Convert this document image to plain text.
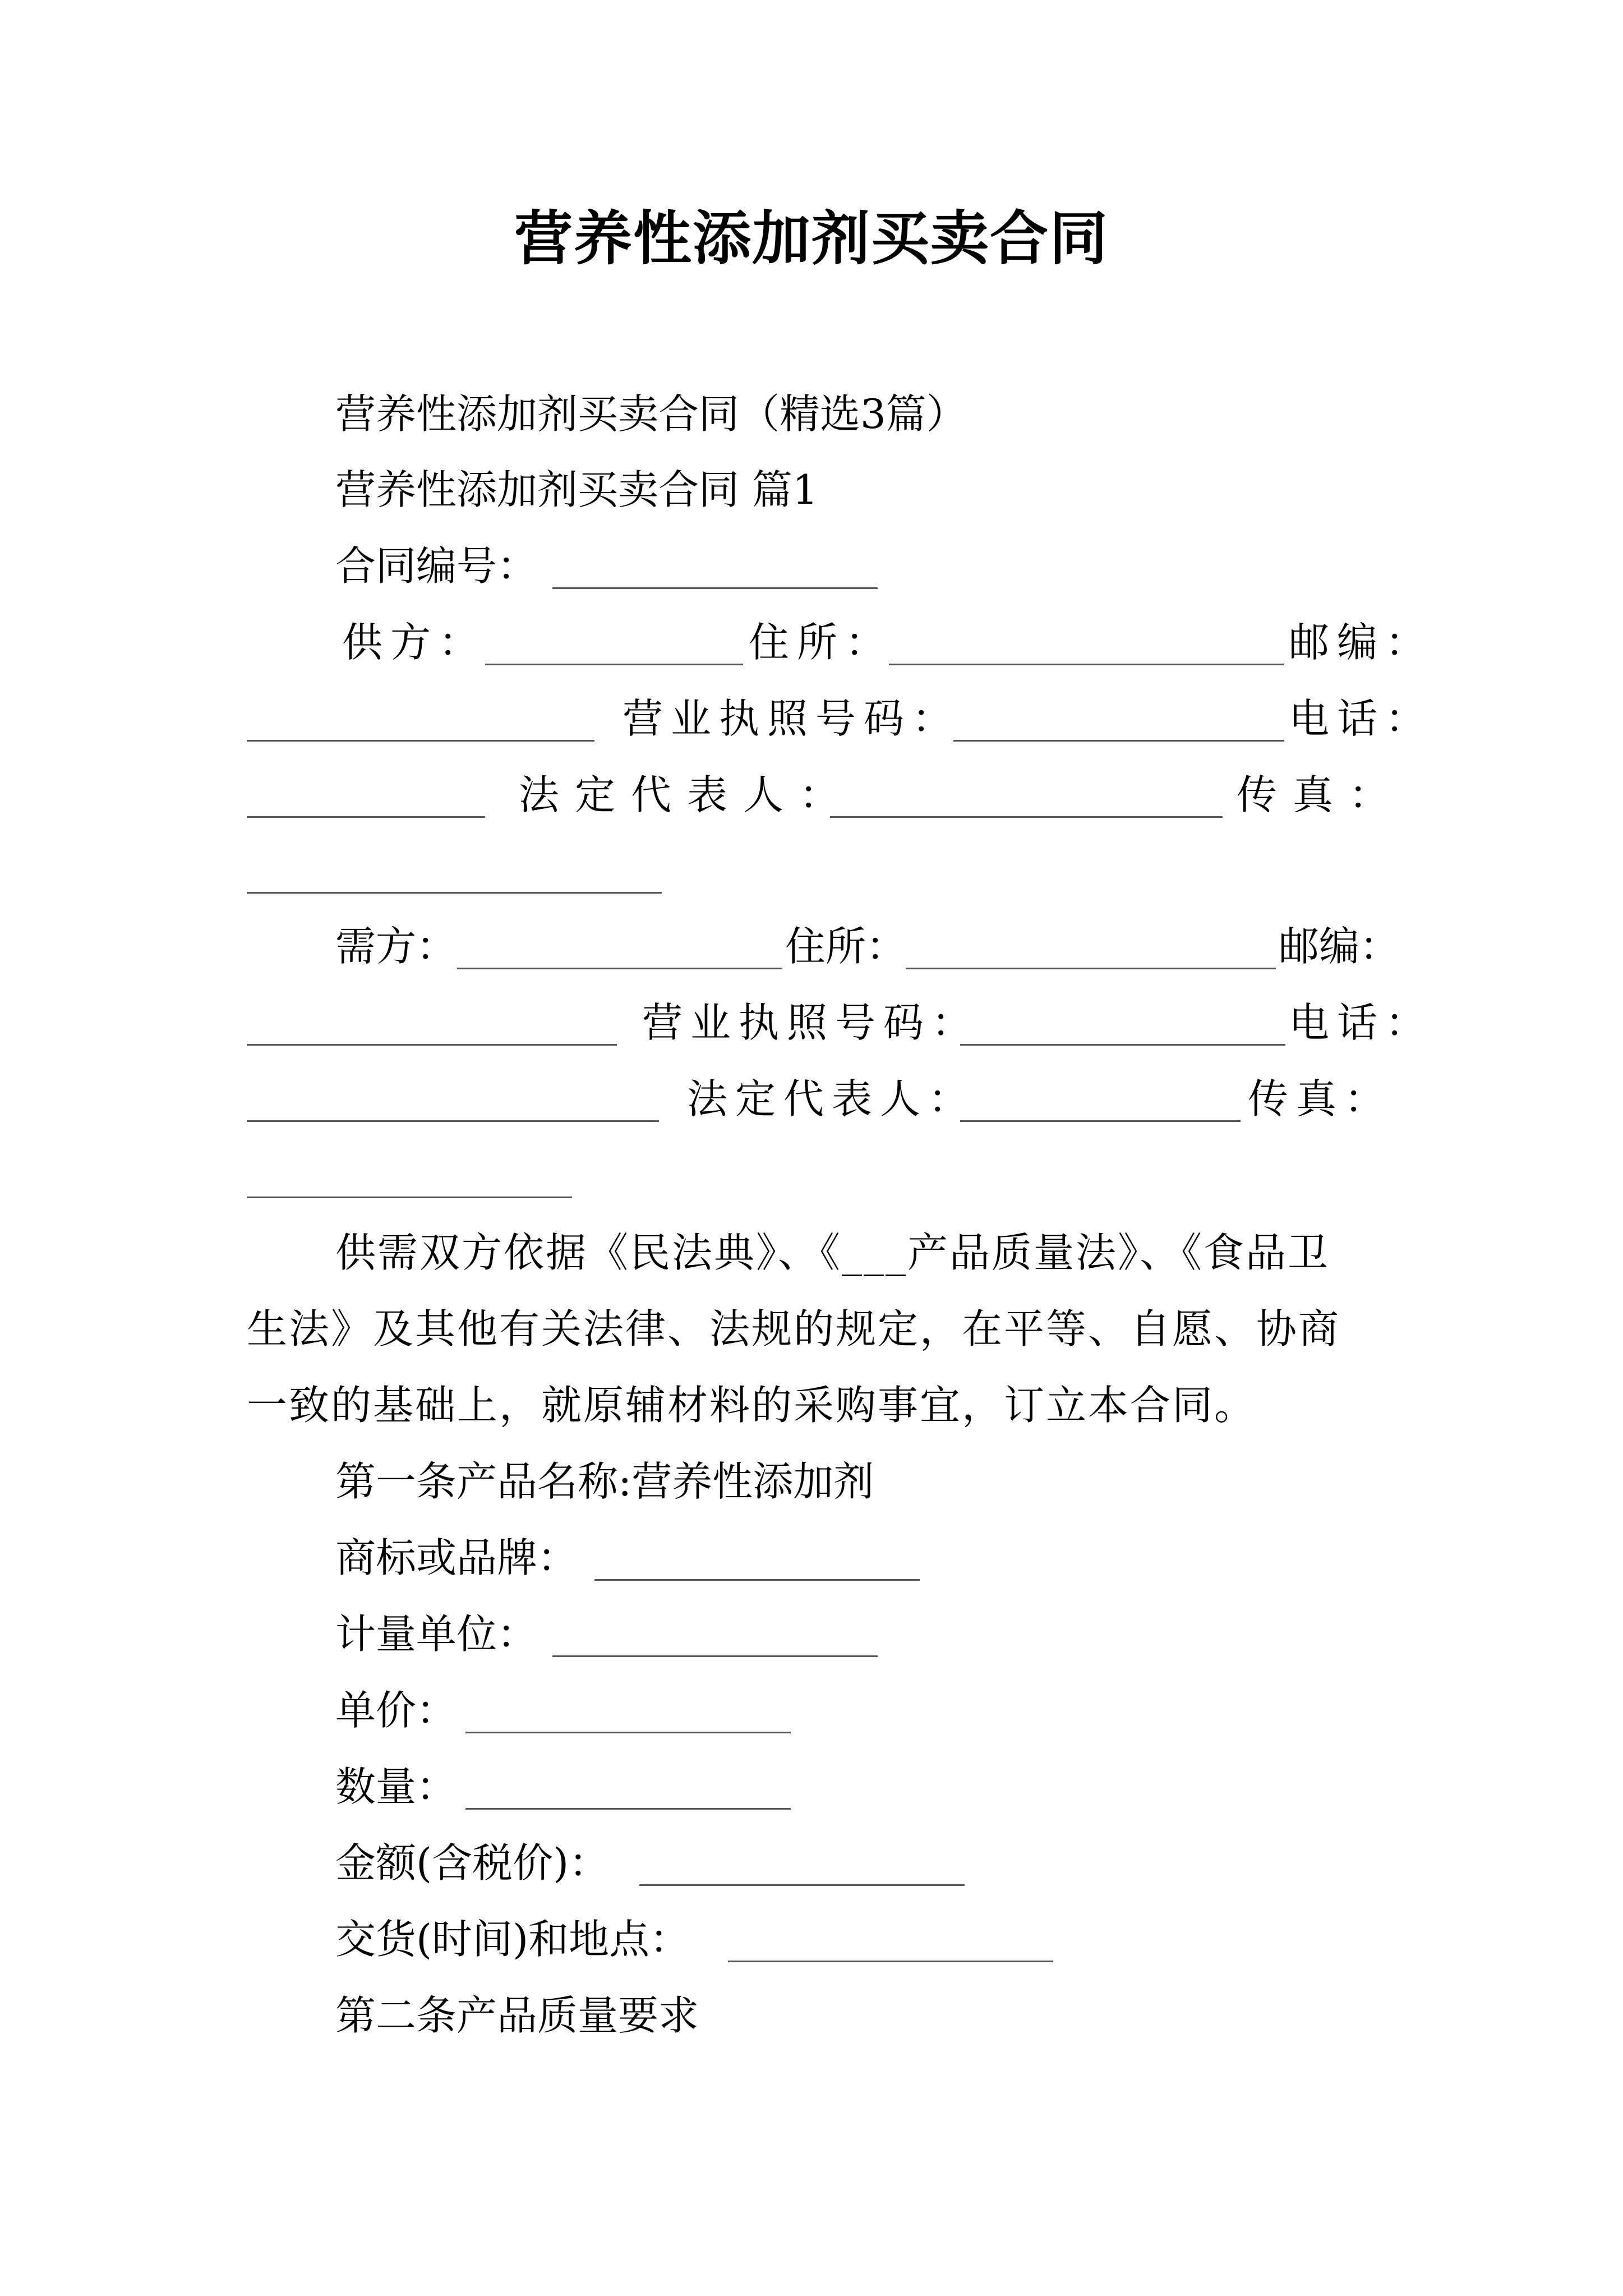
营养性添加剂买卖合同
营养性添加剂买卖合同（精选3篇）
营养性添加剂买卖合同 篇1
合同编号：
供方：	住所：	邮编：
营业执照号码：	电话：
法定代表人：	传真：
需方：	住所：	邮编：
营业执照号码：	电话：
法定代表人：	传真：
供需双方依据《民法典》、《___产品质量法》、《食品卫
生法》及其他有关法律、法规的规定，在平等、自愿、协商
一致的基础上，就原辅材料的采购事宜，订立本合同。
第一条产品名称:营养性添加剂
商标或品牌：
计量单位：
单价：
数量：
金额(含税价)：
交货(时间)和地点：
第二条产品质量要求
